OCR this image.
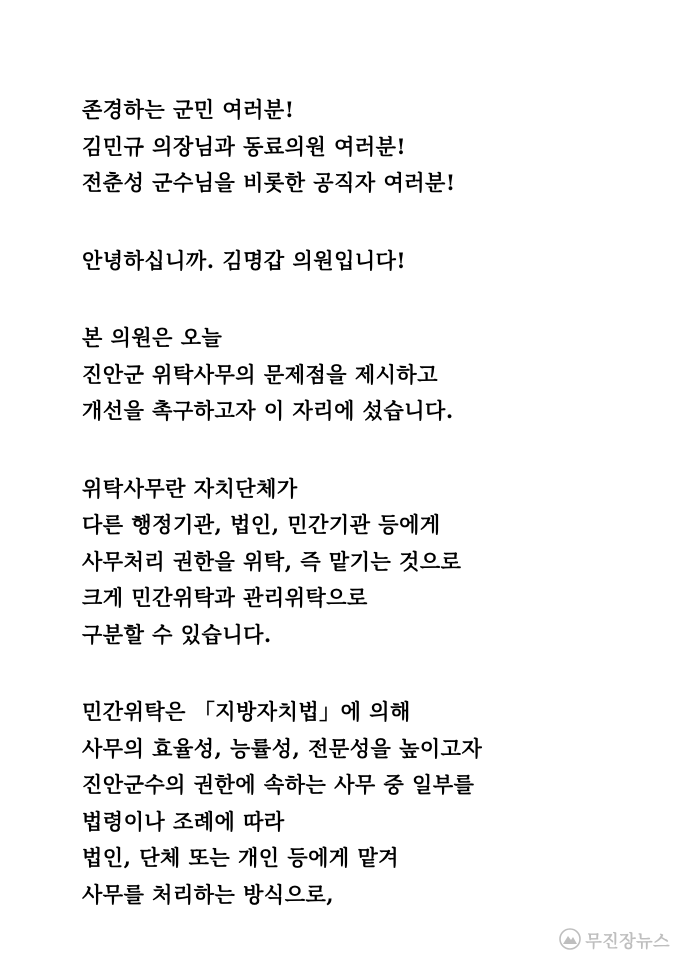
존경하는 군민 여러분!
김민규 의장님과 동료의원 여러분!
전춘성 군수님을 비롯한 공직자 여러분!
안녕하십니까. 김명갑 의원입니다!
본 의원은 오늘
진안군 위탁사무의 문제점을 제시하고
개선을 촉구하고자 이 자리에 섰습니다.
위탁사무란 자치단체가
다른 행정기관, 법인, 민간기관 등에게
사무처리 권한을 위탁, 즉 맡기는 것으로
크게 민간위탁과 관리위탁으로
구분할 수 있습니다.
민간위탁은 「지방자치법」에 의해
사무의 효율성, 능률성, 전문성을 높이고자
진안군수의 권한에 속하는 사무 중 일부를
법령이나 조례에 따라
법인, 단체 또는 개인 등에게 맡겨
사무를 처리하는 방식으로,
무진장뉴스
